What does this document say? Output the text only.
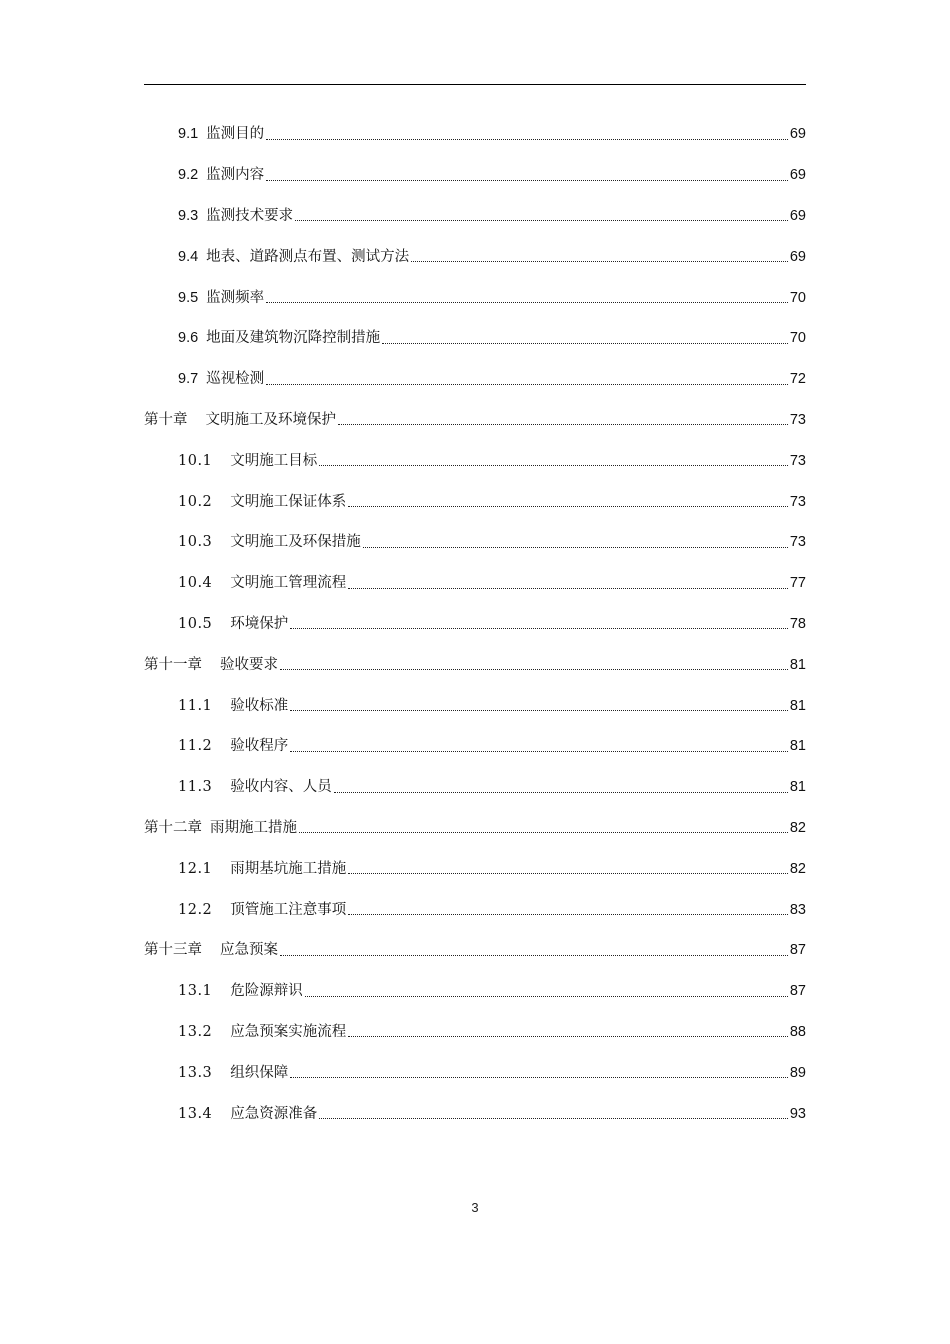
9.1 监测目的	69
9.2 监测内容	69
9.3 监测技术要求	69
9.4 地表、道路测点布置、测试方法	69
9.5 监测频率	70
9.6 地面及建筑物沉降控制措施	70
9.7 巡视检测	72
第十章 文明施工及环境保护	73
10.1 文明施工目标	73
10.2 文明施工保证体系	73
10.3 文明施工及环保措施	73
10.4 文明施工管理流程	77
10.5 环境保护	78
第十一章 验收要求	81
11.1 验收标准	81
11.2 验收程序	81
11.3 验收内容、人员	81
第十二章 雨期施工措施	82
12.1 雨期基坑施工措施	82
12.2 顶管施工注意事项	83
第十三章 应急预案	87
13.1 危险源辩识	87
13.2 应急预案实施流程	88
13.3 组织保障	89
13.4 应急资源准备	93
3
